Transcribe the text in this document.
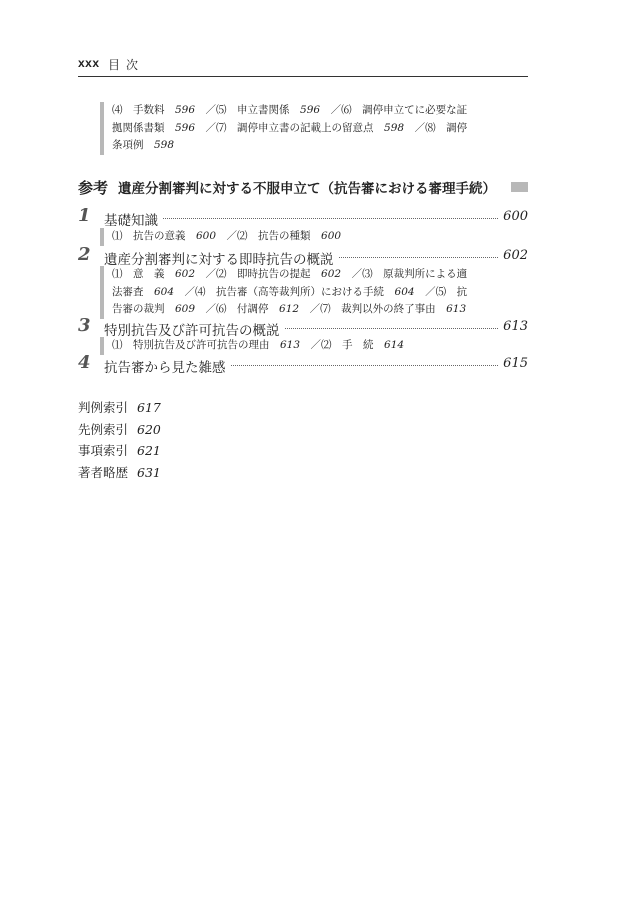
xxx 目次
⑷　手数料　596　／⑸　申立書関係　596　／⑹　調停申立てに必要な証
拠関係書類　596　／⑺　調停申立書の記載上の留意点　598　／⑻　調停
条項例　598
参考 遺産分割審判に対する不服申立て（抗告審における審理手続）
1 基礎知識	600
⑴　抗告の意義　600　／⑵　抗告の種類　600
2 遺産分割審判に対する即時抗告の概説	602
⑴　意　義　602　／⑵　即時抗告の提起　602　／⑶　原裁判所による適
法審査　604　／⑷　抗告審（高等裁判所）における手続　604　／⑸　抗
告審の裁判　609　／⑹　付調停　612　／⑺　裁判以外の終了事由　613
3 特別抗告及び許可抗告の概説	613
⑴　特別抗告及び許可抗告の理由　613　／⑵　手　続　614
4 抗告審から見た雑感	615
判例索引 617
先例索引 620
事項索引 621
著者略歴 631
